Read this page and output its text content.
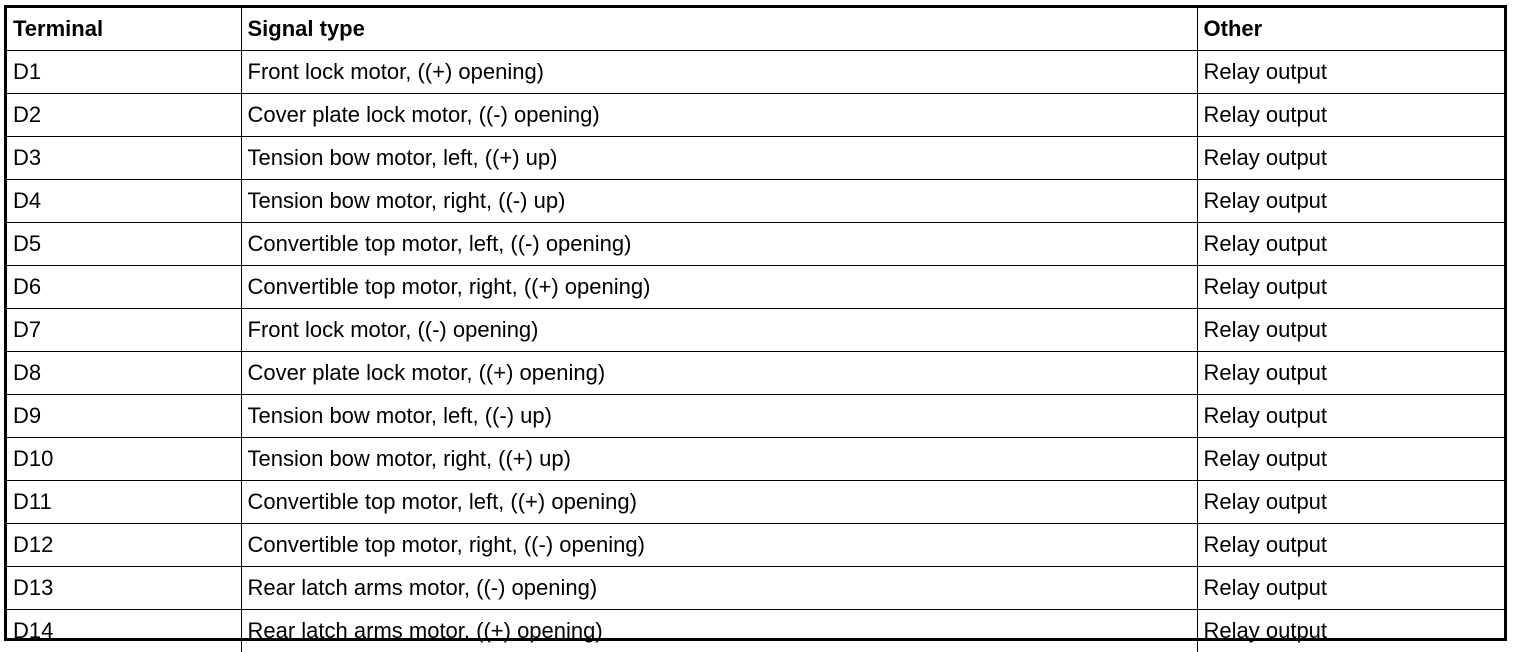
Terminal	Signal type	Other
D1	Front lock motor, ((+) opening)	Relay output
D2	Cover plate lock motor, ((-) opening)	Relay output
D3	Tension bow motor, left, ((+) up)	Relay output
D4	Tension bow motor, right, ((-) up)	Relay output
D5	Convertible top motor, left, ((-) opening)	Relay output
D6	Convertible top motor, right, ((+) opening)	Relay output
D7	Front lock motor, ((-) opening)	Relay output
D8	Cover plate lock motor, ((+) opening)	Relay output
D9	Tension bow motor, left, ((-) up)	Relay output
D10	Tension bow motor, right, ((+) up)	Relay output
D11	Convertible top motor, left, ((+) opening)	Relay output
D12	Convertible top motor, right, ((-) opening)	Relay output
D13	Rear latch arms motor, ((-) opening)	Relay output
D14	Rear latch arms motor, ((+) opening)	Relay output
